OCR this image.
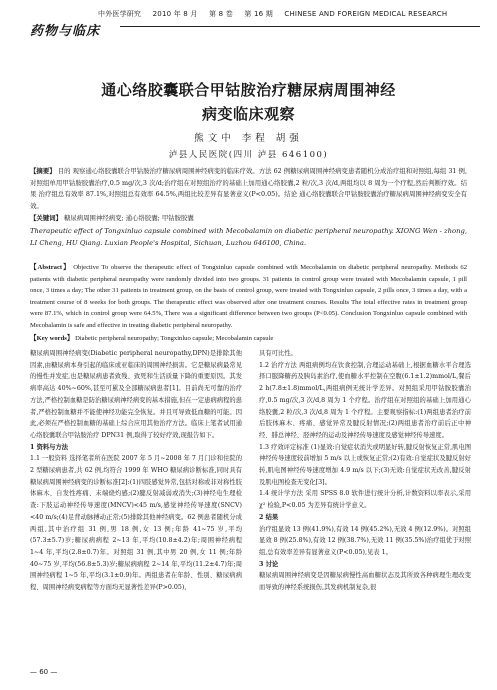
中外医学研究 2010 年 8 月 第 8 卷 第 16 期 CHINESE AND FOREIGN MEDICAL RESEARCH
药物与临床
通心络胶囊联合甲钴胺治疗糖尿病周围神经
病变临床观察
熊文中 李程 胡强
泸县人民医院(四川 泸县 646100)
【摘要】 目的 观察通心络胶囊联合甲钴胺治疗糖尿病周围神经病变的临床疗效。方法 62 例糖尿病周围神经病变患者随机分成治疗组和对照组,每组 31 例,对照组单用甲钴胺胶囊治疗,0.5 mg/次,3 次/d;治疗组在对照组治疗的基础上加用通心络胶囊,2 粒/次,3 次/d,两组均以 8 周为一个疗程,然后判断疗效。结果 治疗组总有效率 87.1%,对照组总有效率 64.5%,两组比较差异有显著意义(P<0.05)。结论 通心络胶囊联合甲钴胺胶囊治疗糖尿病周围神经病变安全有效。
【关键词】 糖尿病周围神经病变; 通心络胶囊; 甲钴胺胶囊
Therapeutic effect of Tongxinluo capsule combined with Mecobalamin on diabetic peripheral neuropathy. XIONG Wen - zhong, LI Cheng, HU Qiang. Luxian People's Hospital, Sichuan, Luzhou 646100, China.
【Abstract】 Objective To observe the therapeutic effect of Tongxinluo capsule combined with Mecobalamin on diabetic peripheral neuropathy. Methods 62 patients with diabetic peripheral neuropathy were randomly divided into two groups. 31 patients in control group were treated with Mecobalamin capsule, 1 pill once, 3 times a day; The other 31 patients in treatment group, on the basis of control group, were treated with Tongxinluo capsule, 2 pills once, 3 times a day, with a treatment course of 8 weeks for both groups. The therapeutic effect was observed after one treatment courses. Results The total effective rates in treatment group were 87.1%, which in control group were 64.5%, There was a significant difference between two groups (P<0.05). Conclusion Tongxinluo capsule combined with Mecobalamin is safe and effective in treating diabetic peripheral neuropathy.
【Key words】 Diabetic peripheral neuropathy; Tongxinluo capsule; Mecobalamin capsule

糖尿病周围神经病变(Diabetic peripheral neuropathy,DPN)是排除其他因素,由糖尿病本身引起的临床或亚临床的周围神经损害。它是糖尿病最常见的慢性并发症,也是糖尿病患者致残、致死和生活质量下降的重要原因。其发病率高达 40%~60%,甚至可累及全部糖尿病患者[1]。目前尚无可靠的治疗方法,严格控制血糖是防治糖尿病神经病变的基本措施,但在一定患病病程的患者,严格控制血糖并不能使神经功能完全恢复。并且可导致低血糖的可能。因此,必须在严格控制血糖的基础上综合应用其他治疗方法。临床上笔者试用通心络胶囊联合甲钴胺治疗 DPN31 例,取得了较好疗效,现报告如下。

1 资料与方法

1.1 一般资料 选择笔者所在医院 2007 年 5 月~2008 年 7 月门诊和住院的 2 型糖尿病患者,共 62 例,均符合 1999 年 WHO 糖尿病诊断标准,同时具有糖尿病周围神经病变的诊断标准[2]:(1)四肢感觉异常,包括对称或非对称性肢体麻木、自发性疼痛、末端烧灼感;(2)腱反射减弱或消失;(3)神经电生理检查:下肢运动神经传导速度(MNCV)<45 m/s,感觉神经传导速度(SNCV)<40 m/s;(4)足背动脉搏动正常;(5)排除其他神经病变。62 例患者随机分成两组,其中治疗组 31 例,男 18 例,女 13 例;年龄 41~75 岁,平均(57.3±5.7)岁;糖尿病病程 2~13 年,平均(10.8±4.2)年;周围神经病程 1~4 年,平均(2.8±0.7)年。对照组 31 例,其中男 20 例,女 11 例;年龄 40~75 岁,平均(56.8±5.3)岁;糖尿病病程 2~14 年,平均(11.2±4.7)年;周围神经病程 1~5 年,平均(3.1±0.9)年。两组患者在年龄、性别、糖尿病病程、周围神经病变病程等方面均无显著性差异(P>0.05),

具有可比性。

1.2 治疗方法 两组病例均在饮食控制,合理运动基础上,根据血糖水平合理选择口服降糖药及胰岛素治疗,使血糖水平控制在空腹(6.1±1.2)mmol/L,餐后 2 h(7.8±1.8)mmol/L,两组病例无统计学差异。对照组采用甲钴胺胶囊治疗,0.5 mg/次,3 次/d,8 周为 1 个疗程。治疗组在对照组的基础上加用通心络胶囊,2 粒/次,3 次/d,8 周为 1 个疗程。主要观察指标:(1)两组患者治疗前后肢体麻木、疼痛、感觉异常及腱反射情况;(2)两组患者治疗前后正中神经、腓总神经、胫神经的运动及神经传导速度及感觉神经传导速度。

1.3 疗效评定标准 (1)显效:自觉症状消失或明显好转,腱反射恢复正常,肌电图神经传导速度较前增加 5 m/s 以上或恢复正常;(2)有效:自觉症状及腱反射好转,肌电图神经传导速度增加 4.9 m/s 以下;(3)无效:自觉症状无改善,腱反射及肌电图检查无变化[3]。

1.4 统计学方法 采用 SPSS 8.0 软件进行统计分析,计数资料以率表示,采用 χ² 检验,P<0.05 为差异有统计学意义。

2 结果

治疗组显效 13 例(41.9%),有效 14 例(45.2%),无效 4 例(12.9%)。对照组显效 8 例(25.8%),有效 12 例(38.7%),无效 11 例(35.5%)治疗组优于对照组,总有效率差异有显著意义(P<0.05),见表 1。

3 讨论

糖尿病周围神经病变是因糖尿病慢性高血糖状态及其所致各种病理生理改变而导致的神经系统损伤,其发病机制复杂,很

— 60 —
